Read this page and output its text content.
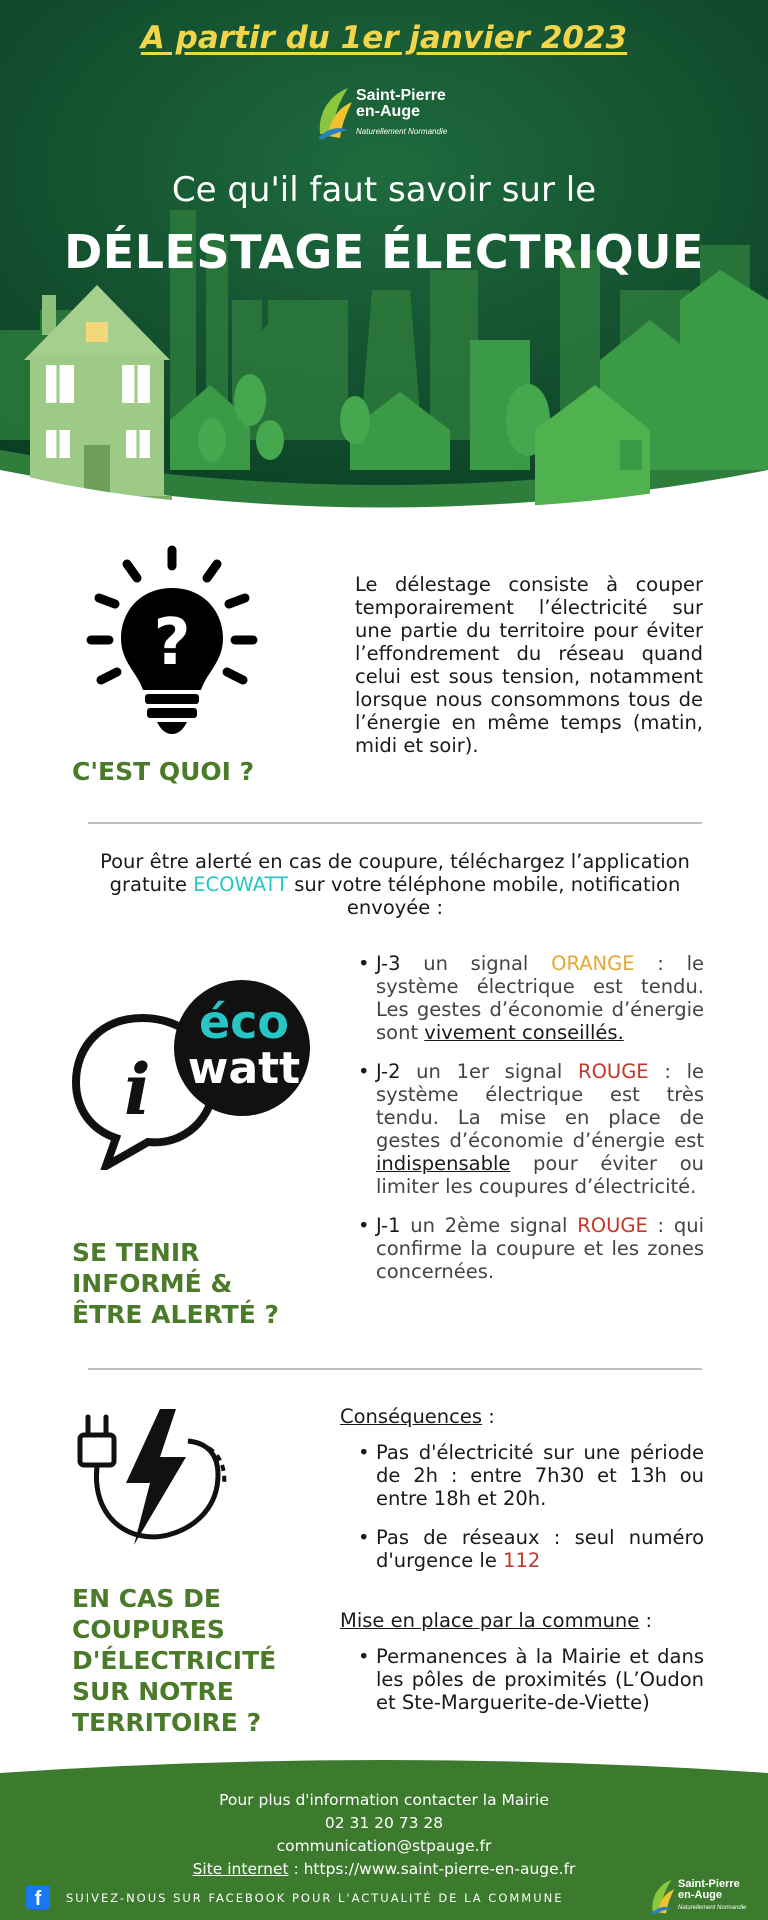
A partir du 1er janvier 2023
Saint-Pierre
en-Auge
Naturellement Normandie
Ce qu'il faut savoir sur le
DÉLESTAGE ÉLECTRIQUE
?
C'EST QUOI ?
Le délestage consiste à couper temporairement l’électricité sur une partie du territoire pour éviter l’effondrement du réseau quand celui est sous tension, notamment lorsque nous consommons tous de l’énergie en même temps (matin, midi et soir).
Pour être alerté en cas de coupure, téléchargez l’application gratuite ECOWATT sur votre téléphone mobile, notification envoyée :
i
éco
watt
SE TENIR
INFORMÉ &
ÊTRE ALERTÉ ?
• J-3 un signal ORANGE : le système électrique est tendu. Les gestes d’économie d’énergie sont vivement conseillés.
• J-2 un 1er signal ROUGE : le système électrique est très tendu. La mise en place de gestes d’économie d’énergie est indispensable pour éviter ou limiter les coupures d’électricité.
• J-1 un 2ème signal ROUGE : qui confirme la coupure et les zones concernées.
EN CAS DE
COUPURES
D'ÉLECTRICITÉ
SUR NOTRE
TERRITOIRE ?
Conséquences :
• Pas d'électricité sur une période de 2h : entre 7h30 et 13h ou entre 18h et 20h.
• Pas de réseaux : seul numéro d'urgence le 112
Mise en place par la commune :
• Permanences à la Mairie et dans les pôles de proximités (L’Oudon et Ste-Marguerite-de-Viette)
Pour plus d'information contacter la Mairie
02 31 20 73 28
communication@stpauge.fr
Site internet : https://www.saint-pierre-en-auge.fr
f	SUIVEZ-NOUS SUR FACEBOOK POUR L'ACTUALITÉ DE LA COMMUNE
Saint-Pierre
en-Auge
Naturellement Normandie
